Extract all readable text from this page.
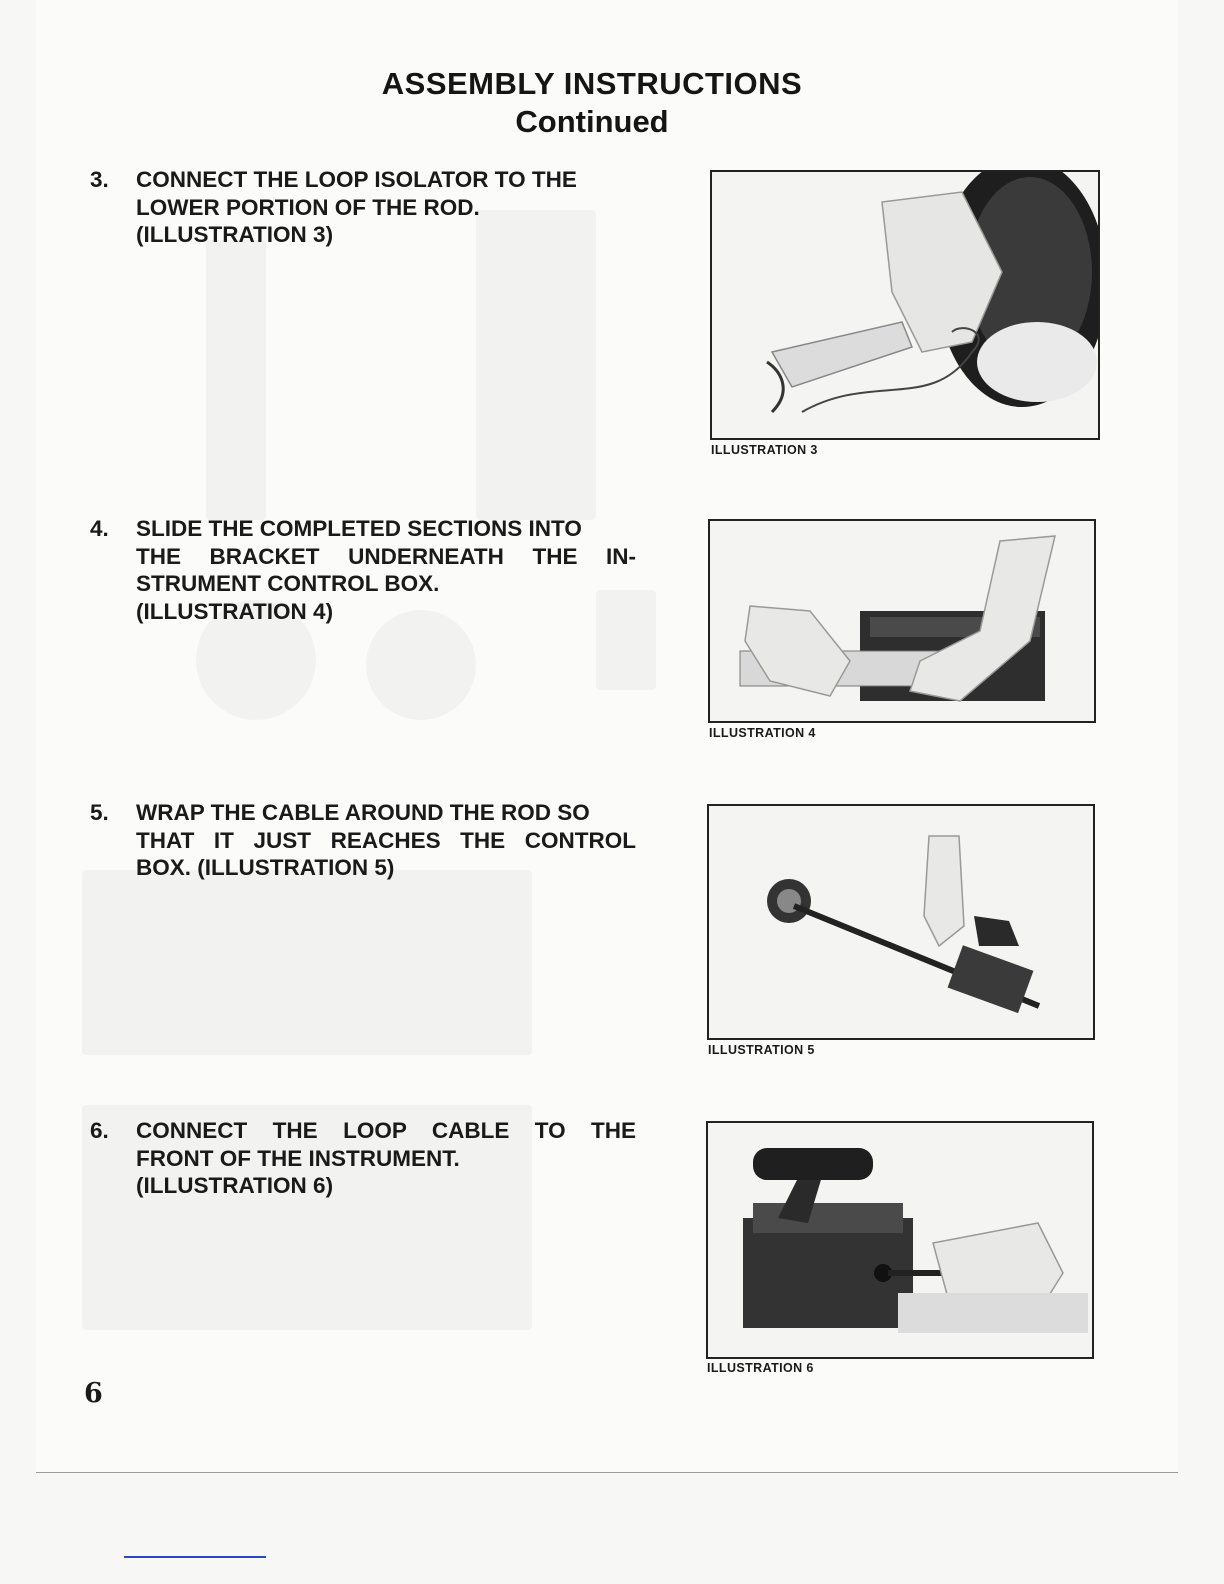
ASSEMBLY INSTRUCTIONS
Continued
3.	CONNECT THE LOOP ISOLATOR TO THE
LOWER PORTION OF THE ROD.
(ILLUSTRATION 3)
ILLUSTRATION 3
4.	SLIDE THE COMPLETED SECTIONS INTO
THE BRACKET UNDERNEATH THE IN-
STRUMENT CONTROL BOX.
(ILLUSTRATION 4)
ILLUSTRATION 4
5.	WRAP THE CABLE AROUND THE ROD SO
THAT IT JUST REACHES THE CONTROL
BOX. (ILLUSTRATION 5)
ILLUSTRATION 5
6.	CONNECT THE LOOP CABLE TO THE
FRONT OF THE INSTRUMENT.
(ILLUSTRATION 6)
ILLUSTRATION 6
6
